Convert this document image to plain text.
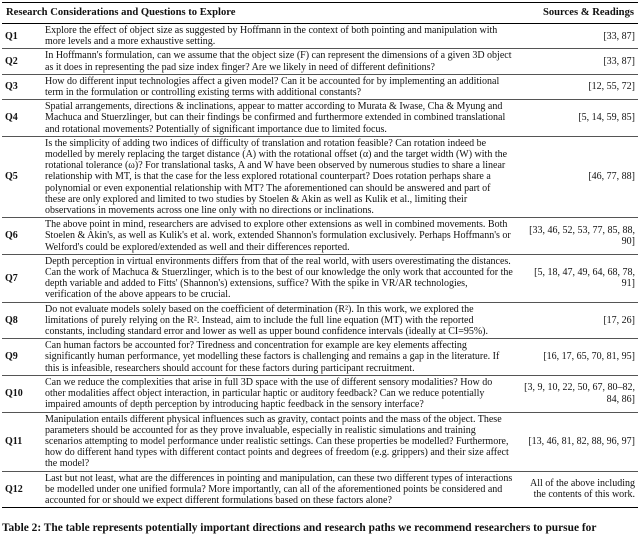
Research Considerations and Questions to Explore		Sources & Readings
Q1	Explore the effect of object size as suggested by Hoffmann in the context of both pointing and manipulation with more levels and a more exhaustive setting.	[33, 87]
Q2	In Hoffmann's formulation, can we assume that the object size (F) can represent the dimensions of a given 3D object as it does in representing the pad size index finger? Are we likely in need of different definitions?	[33, 87]
Q3	How do different input technologies affect a given model? Can it be accounted for by implementing an additional term in the formulation or controlling existing terms with additional constants?	[12, 55, 72]
Q4	Spatial arrangements, directions & inclinations, appear to matter according to Murata & Iwase, Cha & Myung and Machuca and Stuerzlinger, but can their findings be confirmed and furthermore extended in combined translational and rotational movements? Potentially of significant importance due to limited focus.	[5, 14, 59, 85]
Q5	Is the simplicity of adding two indices of difficulty of translation and rotation feasible? Can rotation indeed be modelled by merely replacing the target distance (A) with the rotational offset (α) and the target width (W) with the rotational tolerance (ω)? For translational tasks, A and W have been observed by numerous studies to share a linear relationship with MT, is that the case for the less explored rotational counterpart? Does rotation perhaps share a polynomial or even exponential relationship with MT? The aforementioned can should be answered and part of these are only explored and limited to two studies by Stoelen & Akin as well as Kulik et al., limiting their observations in movements across one line only with no directions or inclinations.	[46, 77, 88]
Q6	The above point in mind, researchers are advised to explore other extensions as well in combined movements. Both Stoelen & Akin's, as well as Kulik's et al. work, extended Shannon's formulation exclusively. Perhaps Hoffmann's or Welford's could be explored/extended as well and their differences reported.	[33, 46, 52, 53, 77, 85, 88, 90]
Q7	Depth perception in virtual environments differs from that of the real world, with users overestimating the distances. Can the work of Machuca & Stuerzlinger, which is to the best of our knowledge the only work that accounted for the depth variable and added to Fitts' (Shannon's) extensions, suffice? With the spike in VR/AR technologies, verification of the above appears to be crucial.	[5, 18, 47, 49, 64, 68, 78, 91]
Q8	Do not evaluate models solely based on the coefficient of determination (R²). In this work, we explored the limitations of purely relying on the R². Instead, aim to include the full line equation (MT) with the reported constants, including standard error and lower as well as upper bound confidence intervals (ideally at CI=95%).	[17, 26]
Q9	Can human factors be accounted for? Tiredness and concentration for example are key elements affecting significantly human performance, yet modelling these factors is challenging and remains a gap in the literature. If this is infeasible, researchers should account for these factors during participant recruitment.	[16, 17, 65, 70, 81, 95]
Q10	Can we reduce the complexities that arise in full 3D space with the use of different sensory modalities? How do other modalities affect object interaction, in particular haptic or auditory feedback? Can we reduce potentially impaired amounts of depth perception by introducing haptic feedback in the sensory interface?	[3, 9, 10, 22, 50, 67, 80–82, 84, 86]
Q11	Manipulation entails different physical influences such as gravity, contact points and the mass of the object. These parameters should be accounted for as they prove invaluable, especially in realistic simulations and training scenarios attempting to model performance under realistic settings. Can these properties be modelled? Furthermore, how do different hand types with different contact points and degrees of freedom (e.g. grippers) and their size affect the model?	[13, 46, 81, 82, 88, 96, 97]
Q12	Last but not least, what are the differences in pointing and manipulation, can these two different types of interactions be modelled under one unified formula? More importantly, can all of the aforementioned points be considered and accounted for or should we expect different formulations based on these factors alone?	All of the above including the contents of this work.
Table 2: The table represents potentially important directions and research paths we recommend researchers to pursue for
